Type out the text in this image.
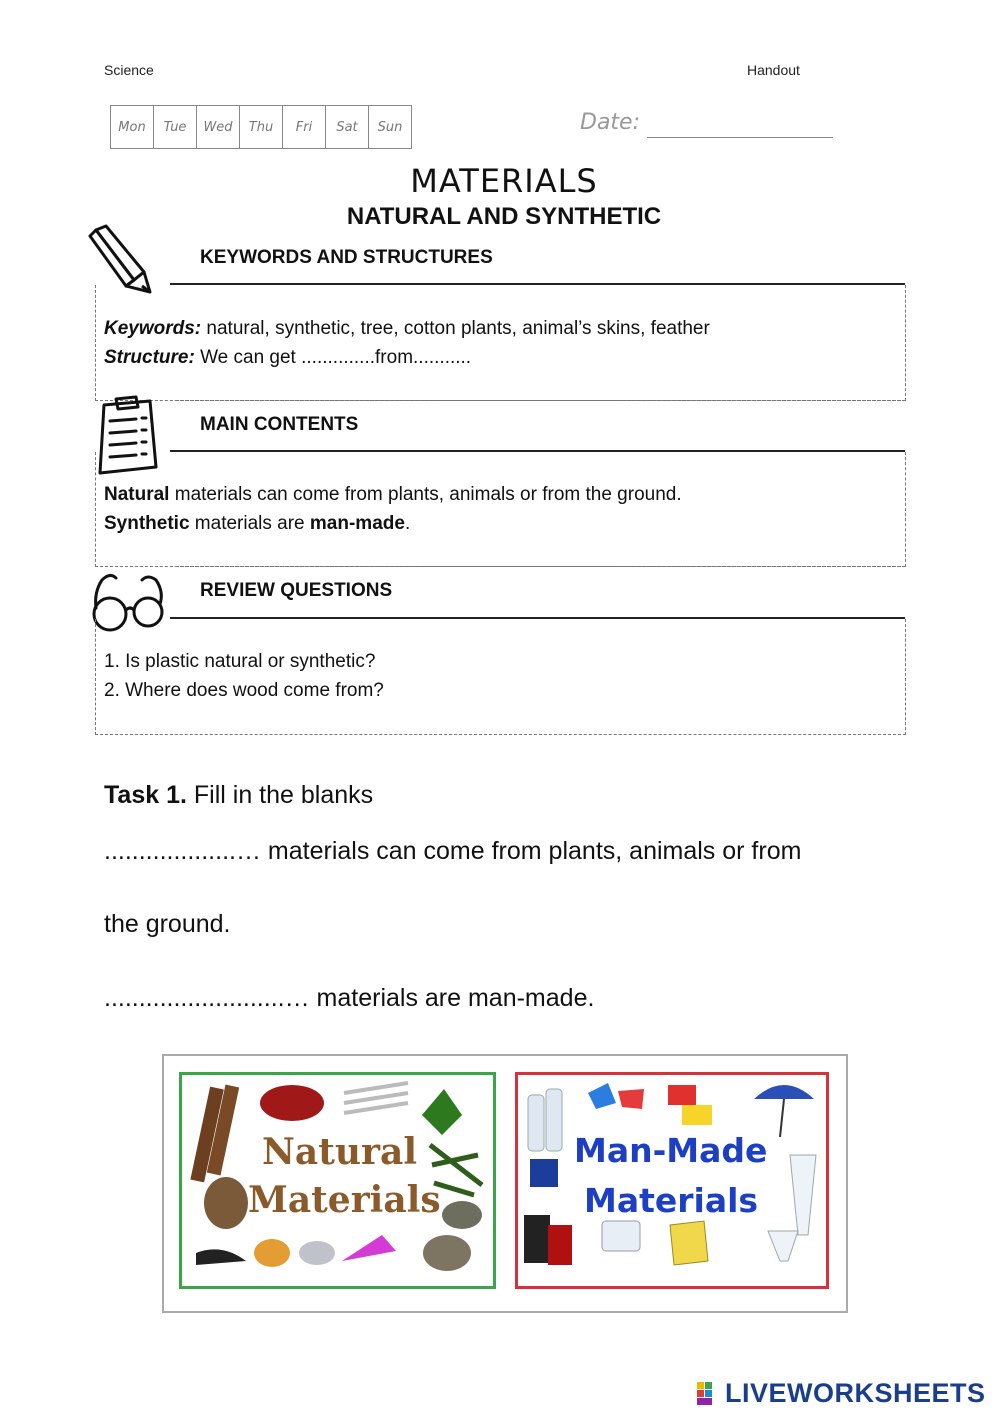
Science	Handout
Mon	Tue	Wed	Thu	Fri	Sat	Sun	Date:
MATERIALS
NATURAL AND SYNTHETIC
KEYWORDS AND STRUCTURES
Keywords: natural, synthetic, tree, cotton plants, animal’s skins, feather
Structure: We can get ..............from...........
MAIN CONTENTS
Natural materials can come from plants, animals or from the ground.
Synthetic materials are man-made.
REVIEW QUESTIONS
1. Is plastic natural or synthetic?
2. Where does wood come from?
Task 1. Fill in the blanks
...................… materials can come from plants, animals or from
the ground.
..........................… materials are man-made.
Natural
Materials
Man-Made
Materials
LIVEWORKSHEETS
